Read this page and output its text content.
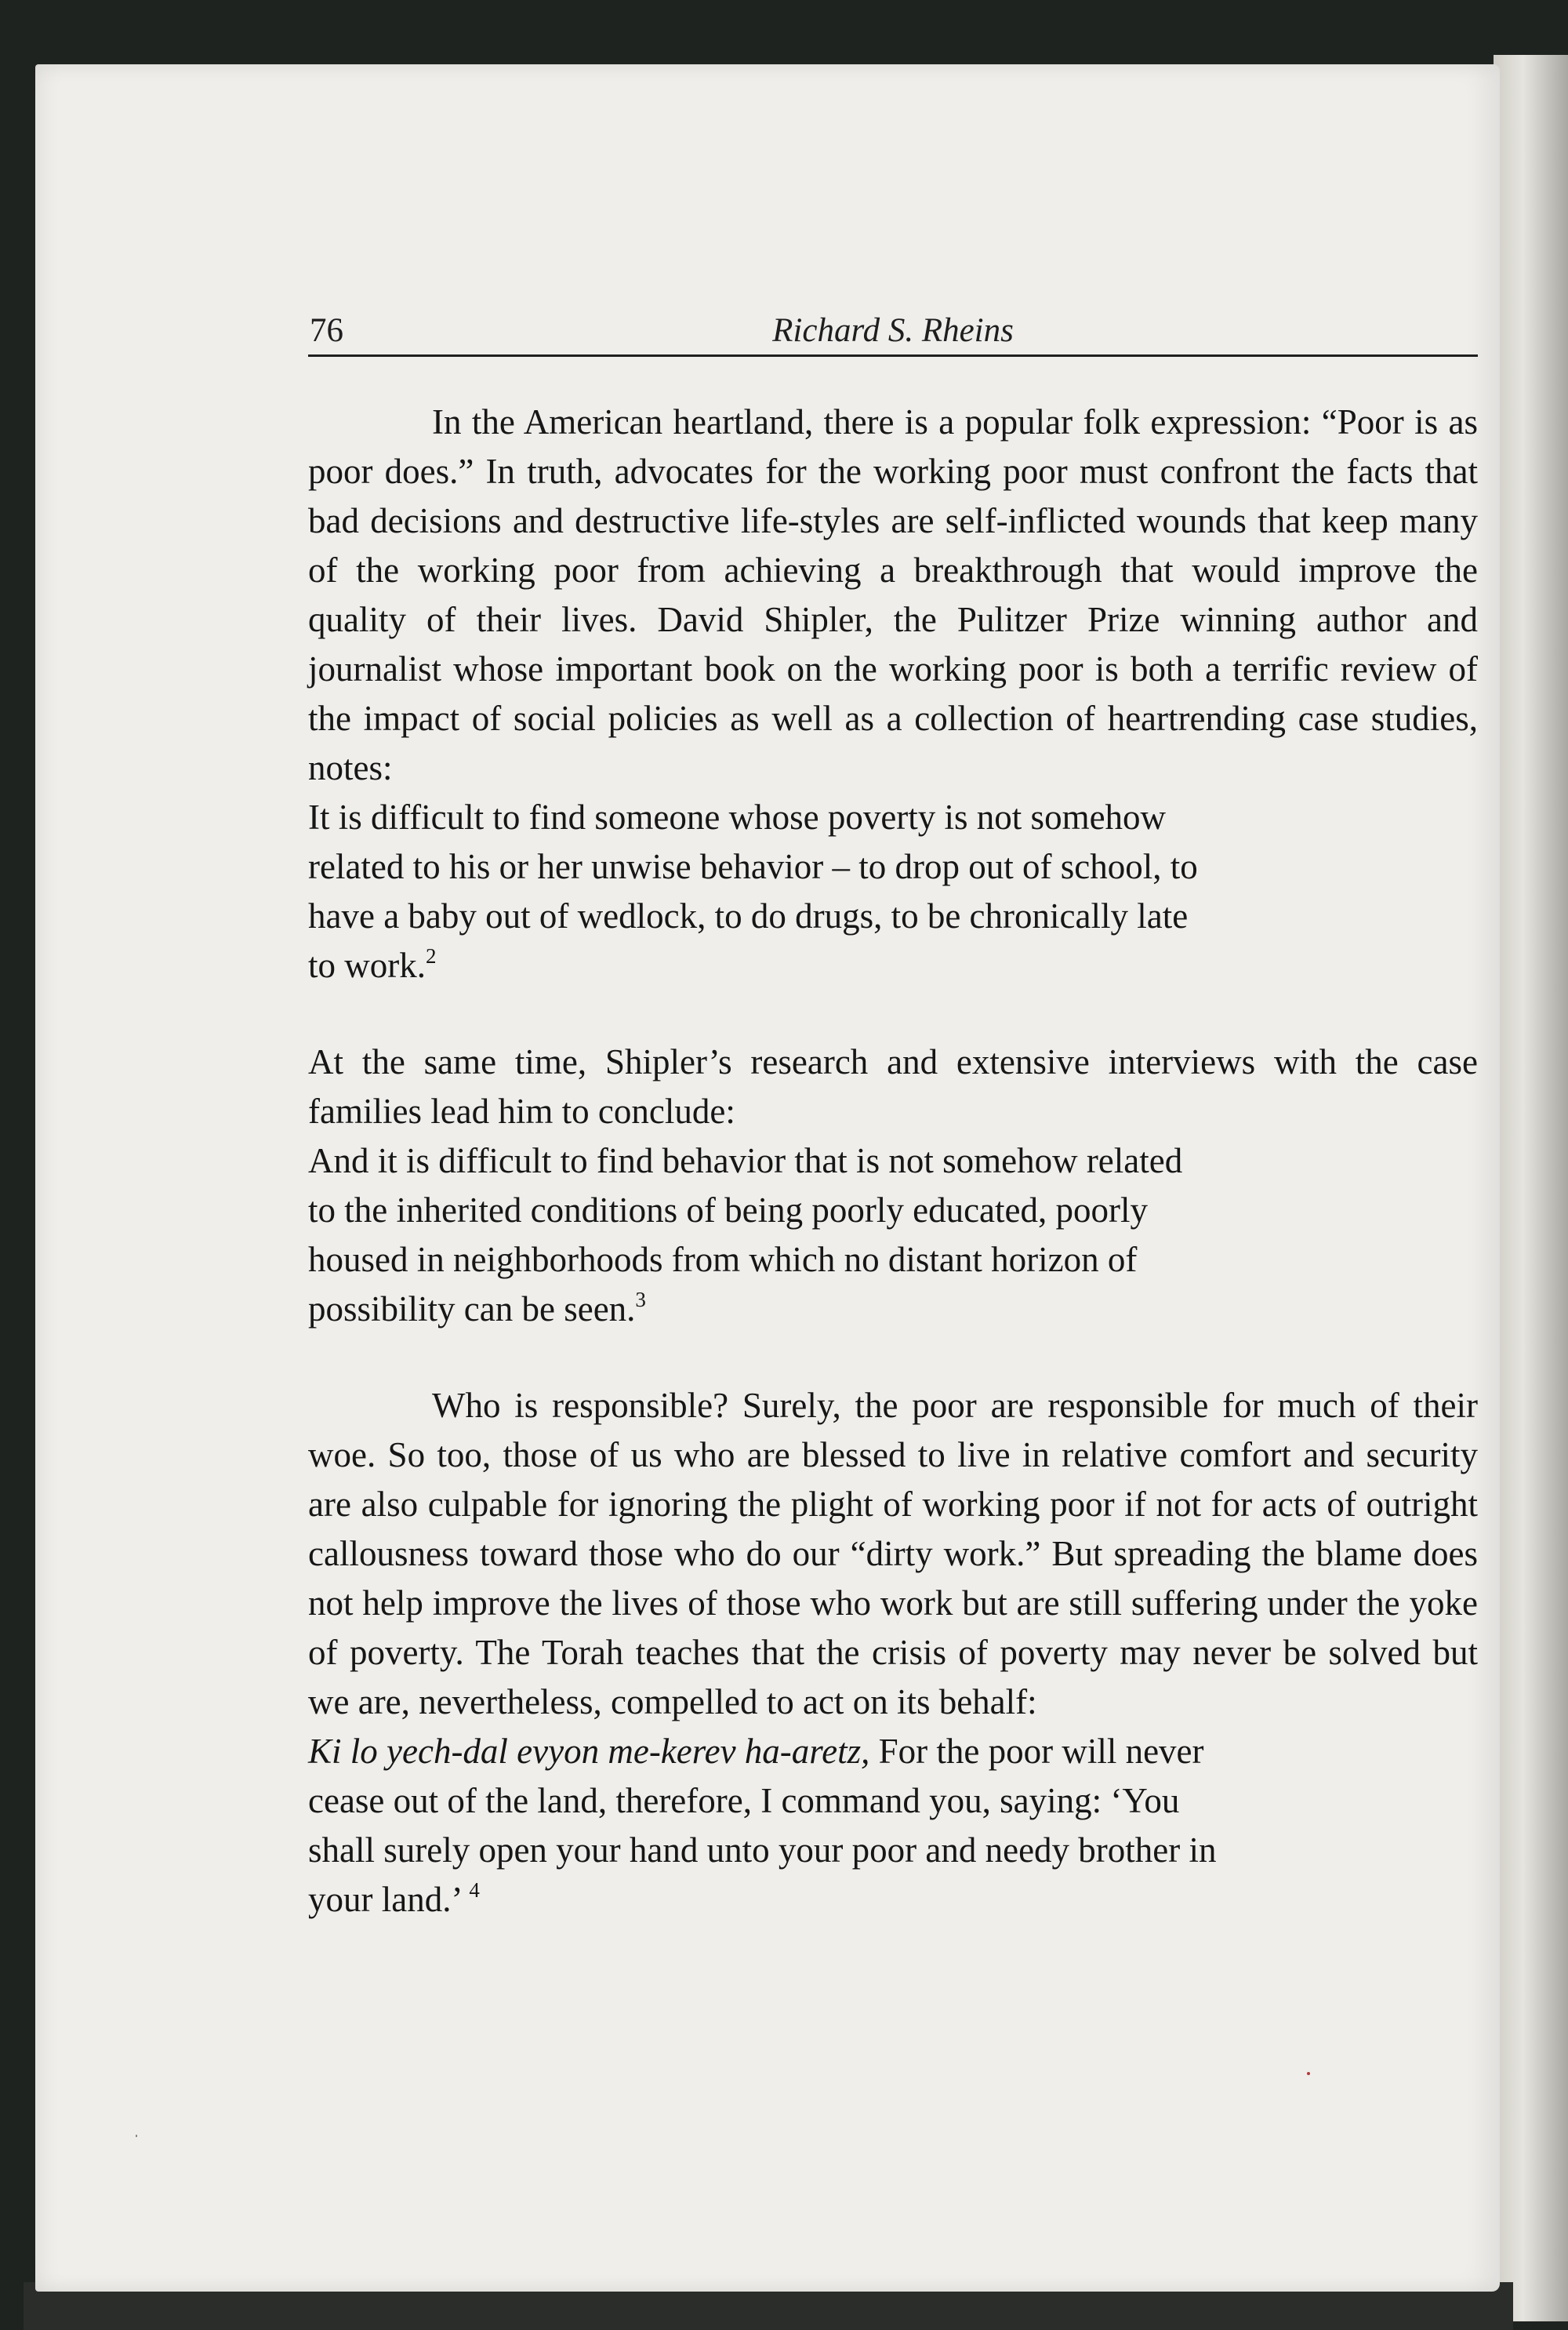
76	Richard S. Rheins

In the American heartland, there is a popular folk expression: “Poor is as poor does.” In truth, advocates for the working poor must confront the facts that bad decisions and destructive life-styles are self-inflicted wounds that keep many of the working poor from achieving a breakthrough that would improve the quality of their lives. David Shipler, the Pulitzer Prize winning author and journalist whose important book on the working poor is both a terrific review of the impact of social policies as well as a collection of heartrending case studies, notes:

It is difficult to find someone whose poverty is not somehow related to his or her unwise behavior – to drop out of school, to have a baby out of wedlock, to do drugs, to be chronically late to work.$^2$

At the same time, Shipler’s research and extensive interviews with the case families lead him to conclude:

And it is difficult to find behavior that is not somehow related to the inherited conditions of being poorly educated, poorly housed in neighborhoods from which no distant horizon of possibility can be seen.$^3$

Who is responsible? Surely, the poor are responsible for much of their woe. So too, those of us who are blessed to live in relative comfort and security are also culpable for ignoring the plight of working poor if not for acts of outright callousness toward those who do our “dirty work.” But spreading the blame does not help improve the lives of those who work but are still suffering under the yoke of poverty. The Torah teaches that the crisis of poverty may never be solved but we are, nevertheless, compelled to act on its behalf:

Ki lo yech-dal evyon me-kerev ha-aretz, For the poor will never cease out of the land, therefore, I command you, saying: ‘You shall surely open your hand unto your poor and needy brother in your land.’ $^4$
